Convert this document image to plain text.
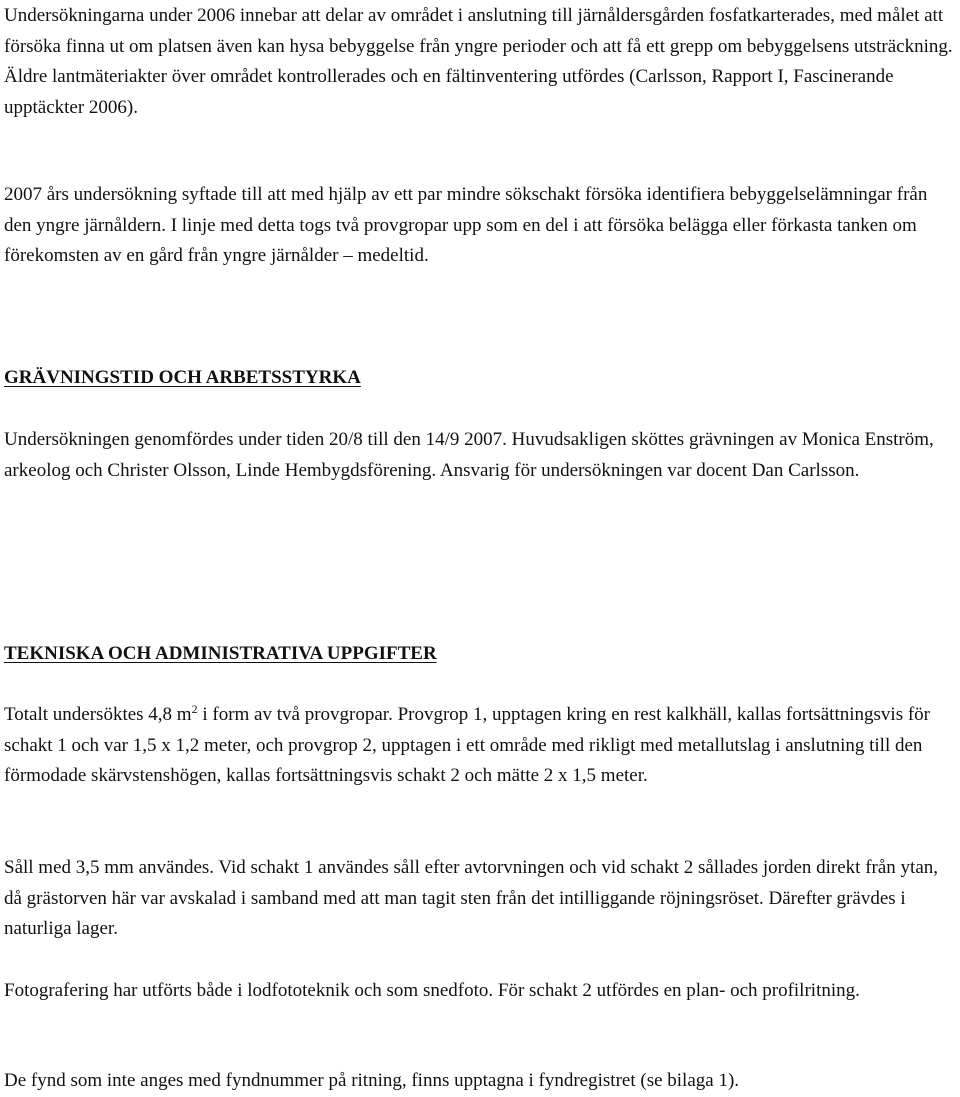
Undersökningarna under 2006 innebar att delar av området i anslutning till järnåldersgården fosfatkarterades, med målet att försöka finna ut om platsen även kan hysa bebyggelse från yngre perioder och att få ett grepp om bebyggelsens utsträckning. Äldre lantmäteriakter över området kontrollerades och en fältinventering utfördes (Carlsson, Rapport I, Fascinerande upptäckter 2006).

2007 års undersökning syftade till att med hjälp av ett par mindre sökschakt försöka identifiera bebyggelselämningar från den yngre järnåldern. I linje med detta togs två provgropar upp som en del i att försöka belägga eller förkasta tanken om förekomsten av en gård från yngre järnålder – medeltid.

GRÄVNINGSTID OCH ARBETSSTYRKA

Undersökningen genomfördes under tiden 20/8 till den 14/9 2007. Huvudsakligen sköttes grävningen av Monica Enström, arkeolog och Christer Olsson, Linde Hembygdsförening. Ansvarig för undersökningen var docent Dan Carlsson.

TEKNISKA OCH ADMINISTRATIVA UPPGIFTER

Totalt undersöktes 4,8 $m^2$ i form av två provgropar. Provgrop 1, upptagen kring en rest kalkhäll, kallas fortsättningsvis för schakt 1 och var 1,5 x 1,2 meter, och provgrop 2, upptagen i ett område med rikligt med metallutslag i anslutning till den förmodade skärvstenshögen, kallas fortsättningsvis schakt 2 och mätte 2 x 1,5 meter.

Såll med 3,5 mm användes. Vid schakt 1 användes såll efter avtorvningen och vid schakt 2 sållades jorden direkt från ytan, då grästorven här var avskalad i samband med att man tagit sten från det intilliggande röjningsröset. Därefter grävdes i naturliga lager.

Fotografering har utförts både i lodfototeknik och som snedfoto. För schakt 2 utfördes en plan- och profilritning.

De fynd som inte anges med fyndnummer på ritning, finns upptagna i fyndregistret (se bilaga 1).
